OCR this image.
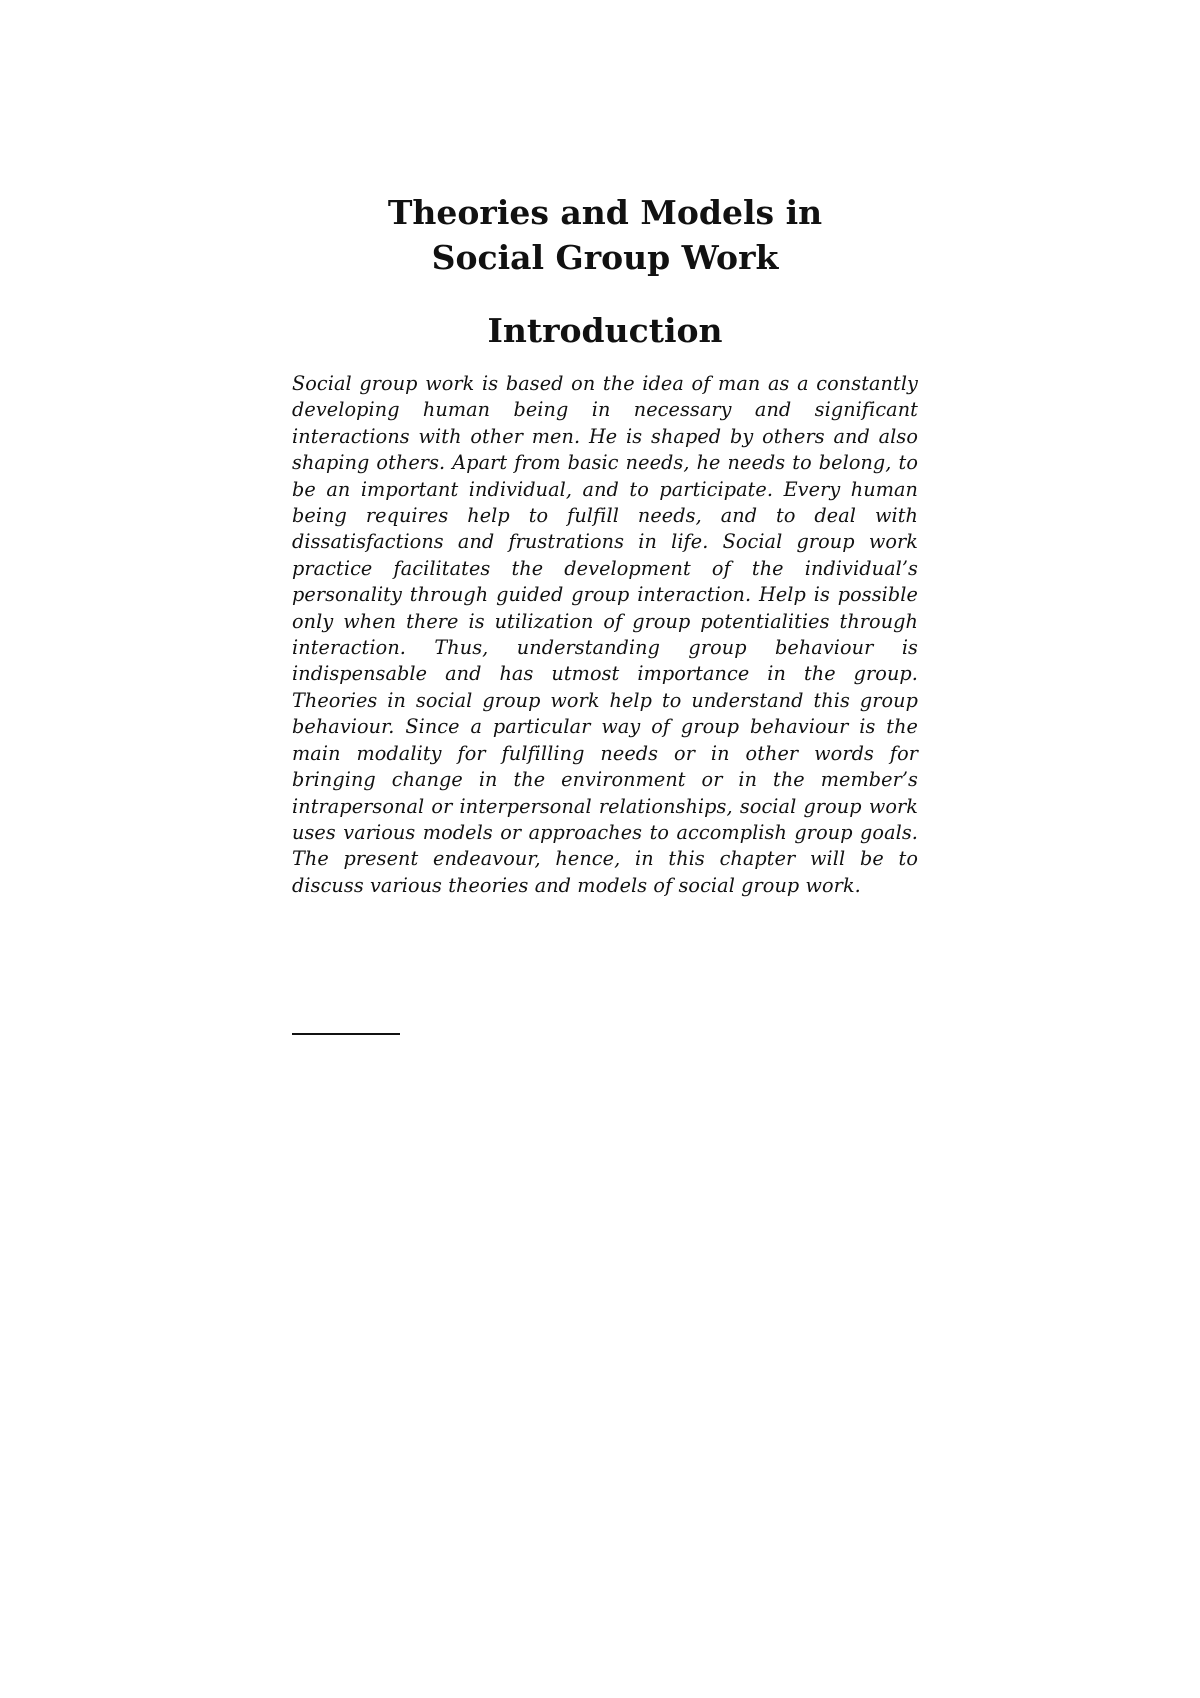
Theories and Models in
Social Group Work
Introduction

Social group work is based on the idea of man as a constantly developing human being in necessary and significant interactions with other men. He is shaped by others and also shaping others. Apart from basic needs, he needs to belong, to be an important individual, and to participate. Every human being requires help to fulfill needs, and to deal with dissatisfactions and frustrations in life. Social group work practice facilitates the development of the individual’s personality through guided group interaction. Help is possible only when there is utilization of group potentialities through interaction. Thus, understanding group behaviour is indispensable and has utmost importance in the group. Theories in social group work help to understand this group behaviour. Since a particular way of group behaviour is the main modality for fulfilling needs or in other words for bringing change in the environment or in the member’s intrapersonal or interpersonal relationships, social group work uses various models or approaches to accomplish group goals. The present endeavour, hence, in this chapter will be to discuss various theories and models of social group work.
